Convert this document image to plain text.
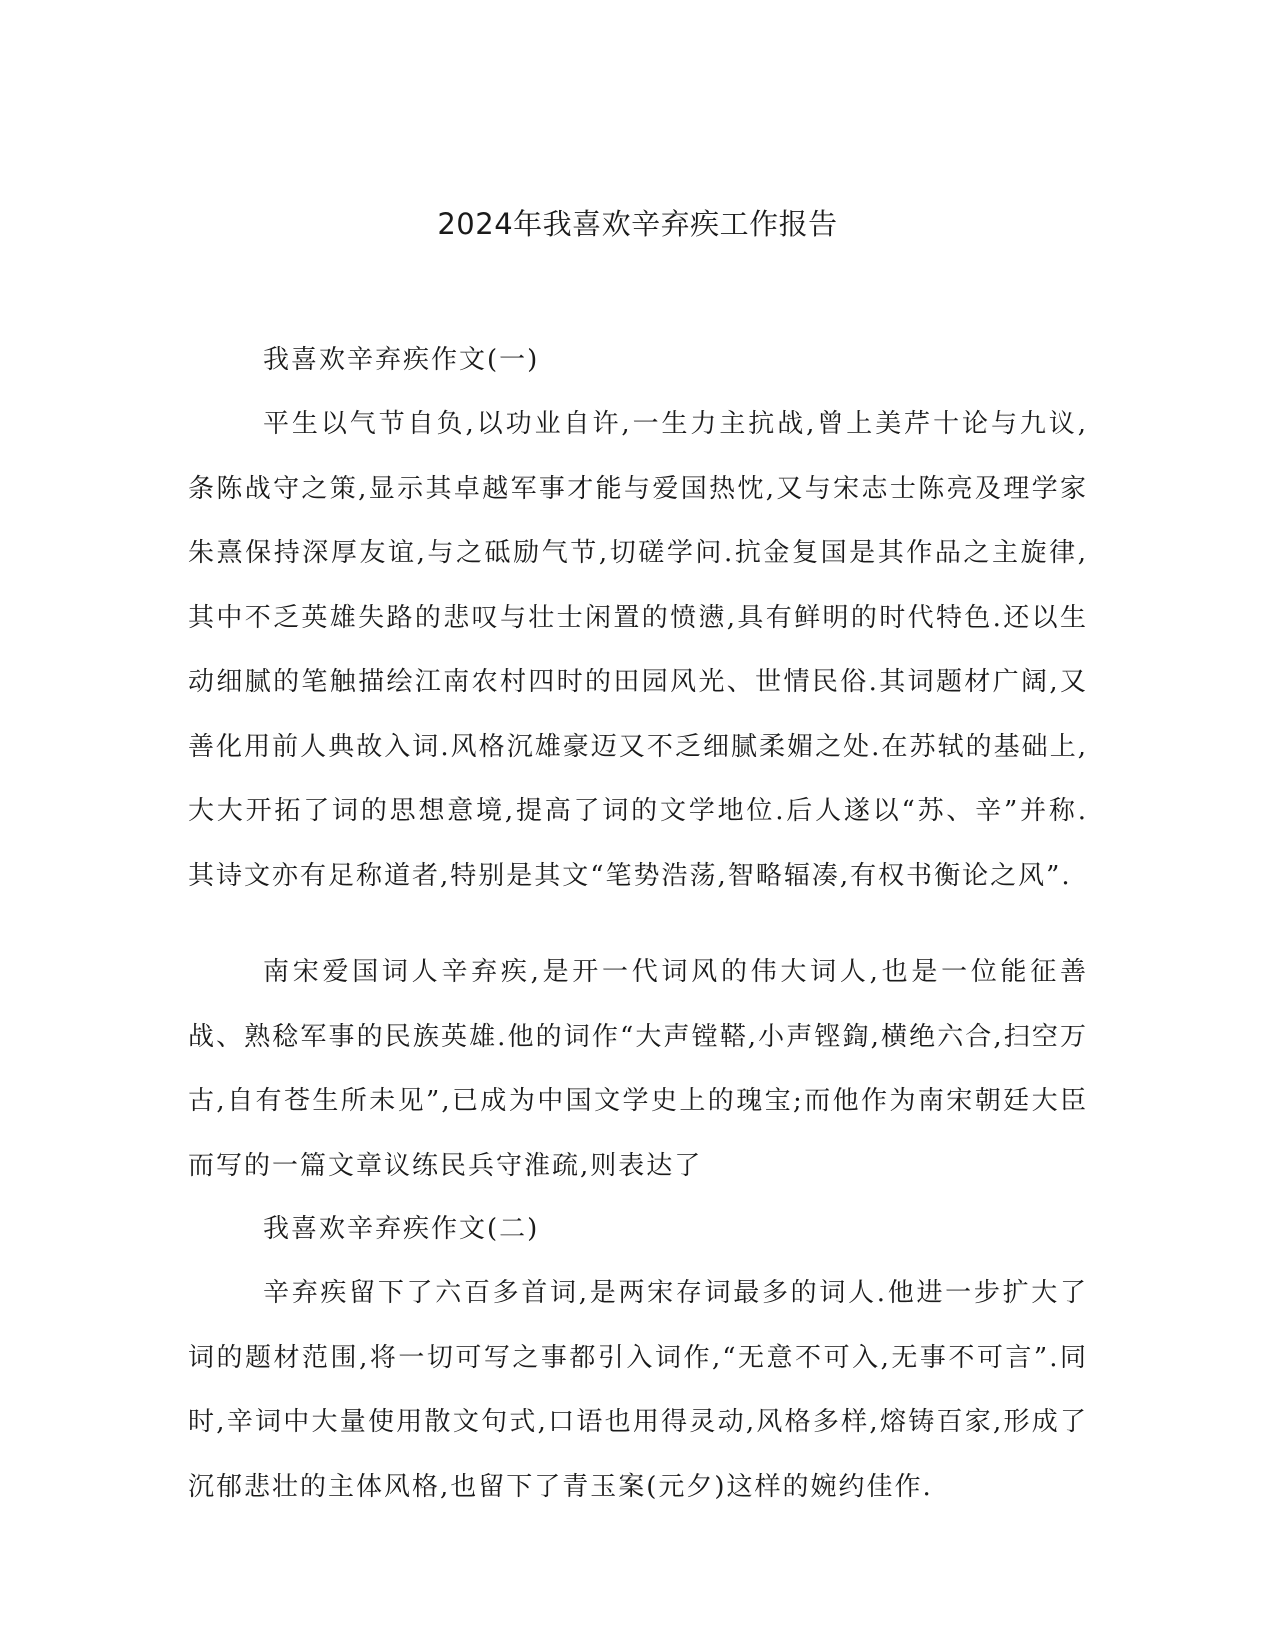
2024年我喜欢辛弃疾工作报告

我喜欢辛弃疾作文(一)

平生以气节自负,以功业自许,一生力主抗战,曾上美芹十论与九议,条陈战守之策,显示其卓越军事才能与爱国热忱,又与宋志士陈亮及理学家朱熹保持深厚友谊,与之砥励气节,切磋学问.抗金复国是其作品之主旋律,其中不乏英雄失路的悲叹与壮士闲置的愤懑,具有鲜明的时代特色.还以生动细腻的笔触描绘江南农村四时的田园风光、世情民俗.其词题材广阔,又善化用前人典故入词.风格沉雄豪迈又不乏细腻柔媚之处.在苏轼的基础上,大大开拓了词的思想意境,提高了词的文学地位.后人遂以“苏、辛”并称.其诗文亦有足称道者,特别是其文“笔势浩荡,智略辐凑,有权书衡论之风”.

南宋爱国词人辛弃疾,是开一代词风的伟大词人,也是一位能征善战、熟稔军事的民族英雄.他的词作“大声镗鞳,小声铿鍧,横绝六合,扫空万古,自有苍生所未见”,已成为中国文学史上的瑰宝;而他作为南宋朝廷大臣而写的一篇文章议练民兵守淮疏,则表达了

我喜欢辛弃疾作文(二)

辛弃疾留下了六百多首词,是两宋存词最多的词人.他进一步扩大了词的题材范围,将一切可写之事都引入词作,“无意不可入,无事不可言”.同时,辛词中大量使用散文句式,口语也用得灵动,风格多样,熔铸百家,形成了沉郁悲壮的主体风格,也留下了青玉案(元夕)这样的婉约佳作.
